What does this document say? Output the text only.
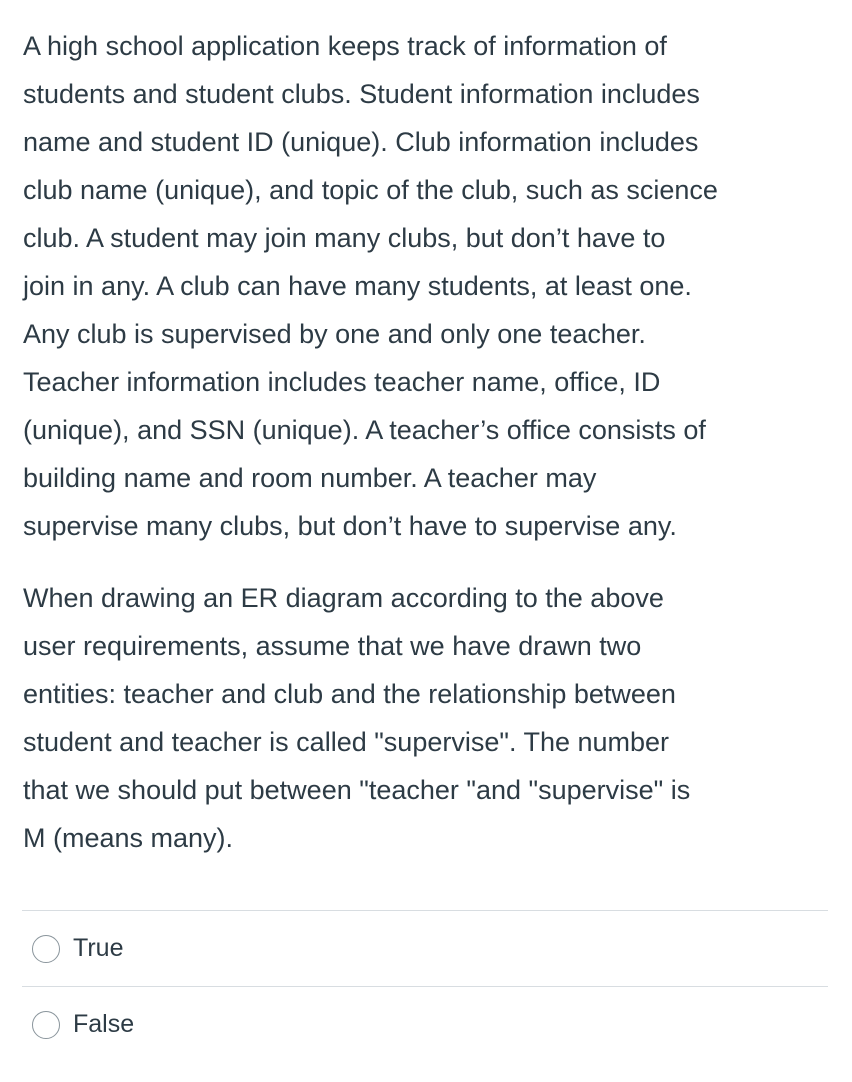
A high school application keeps track of information of
students and student clubs. Student information includes
name and student ID (unique). Club information includes
club name (unique), and topic of the club, such as science
club. A student may join many clubs, but don’t have to
join in any. A club can have many students, at least one.
Any club is supervised by one and only one teacher.
Teacher information includes teacher name, office, ID
(unique), and SSN (unique). A teacher’s office consists of
building name and room number. A teacher may
supervise many clubs, but don’t have to supervise any.
When drawing an ER diagram according to the above
user requirements, assume that we have drawn two
entities: teacher and club and the relationship between
student and teacher is called "supervise". The number
that we should put between "teacher "and "supervise" is
M (means many).
True
False
